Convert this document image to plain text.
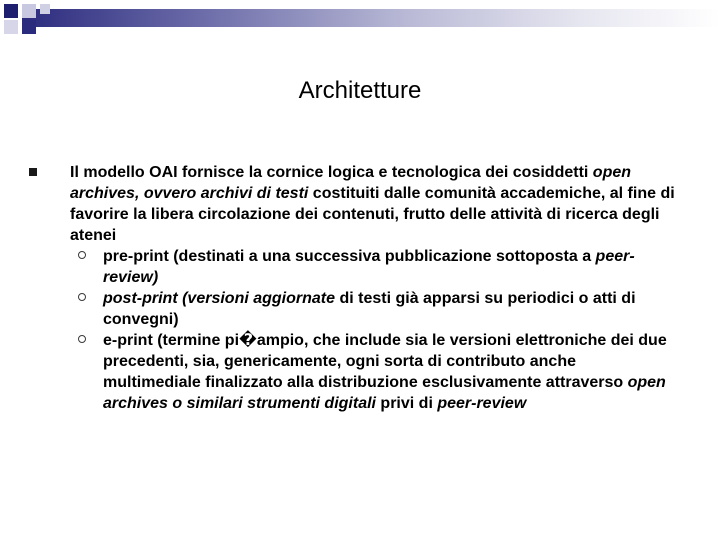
Architetture
Il modello OAI fornisce la cornice logica e tecnologica dei cosiddetti open archives, ovvero archivi di testi costituiti dalle comunità accademiche, al fine di favorire la libera circolazione dei contenuti, frutto delle attività di ricerca degli atenei
pre-print (destinati a una successiva pubblicazione sottoposta a peer-review)
post-print (versioni aggiornate di testi già apparsi su periodici o atti di convegni)
e-print (termine pi�ampio, che include sia le versioni elettroniche dei due precedenti, sia, genericamente, ogni sorta di contributo anche multimediale finalizzato alla distribuzione esclusivamente attraverso open archives o similari strumenti digitali privi di peer-review
